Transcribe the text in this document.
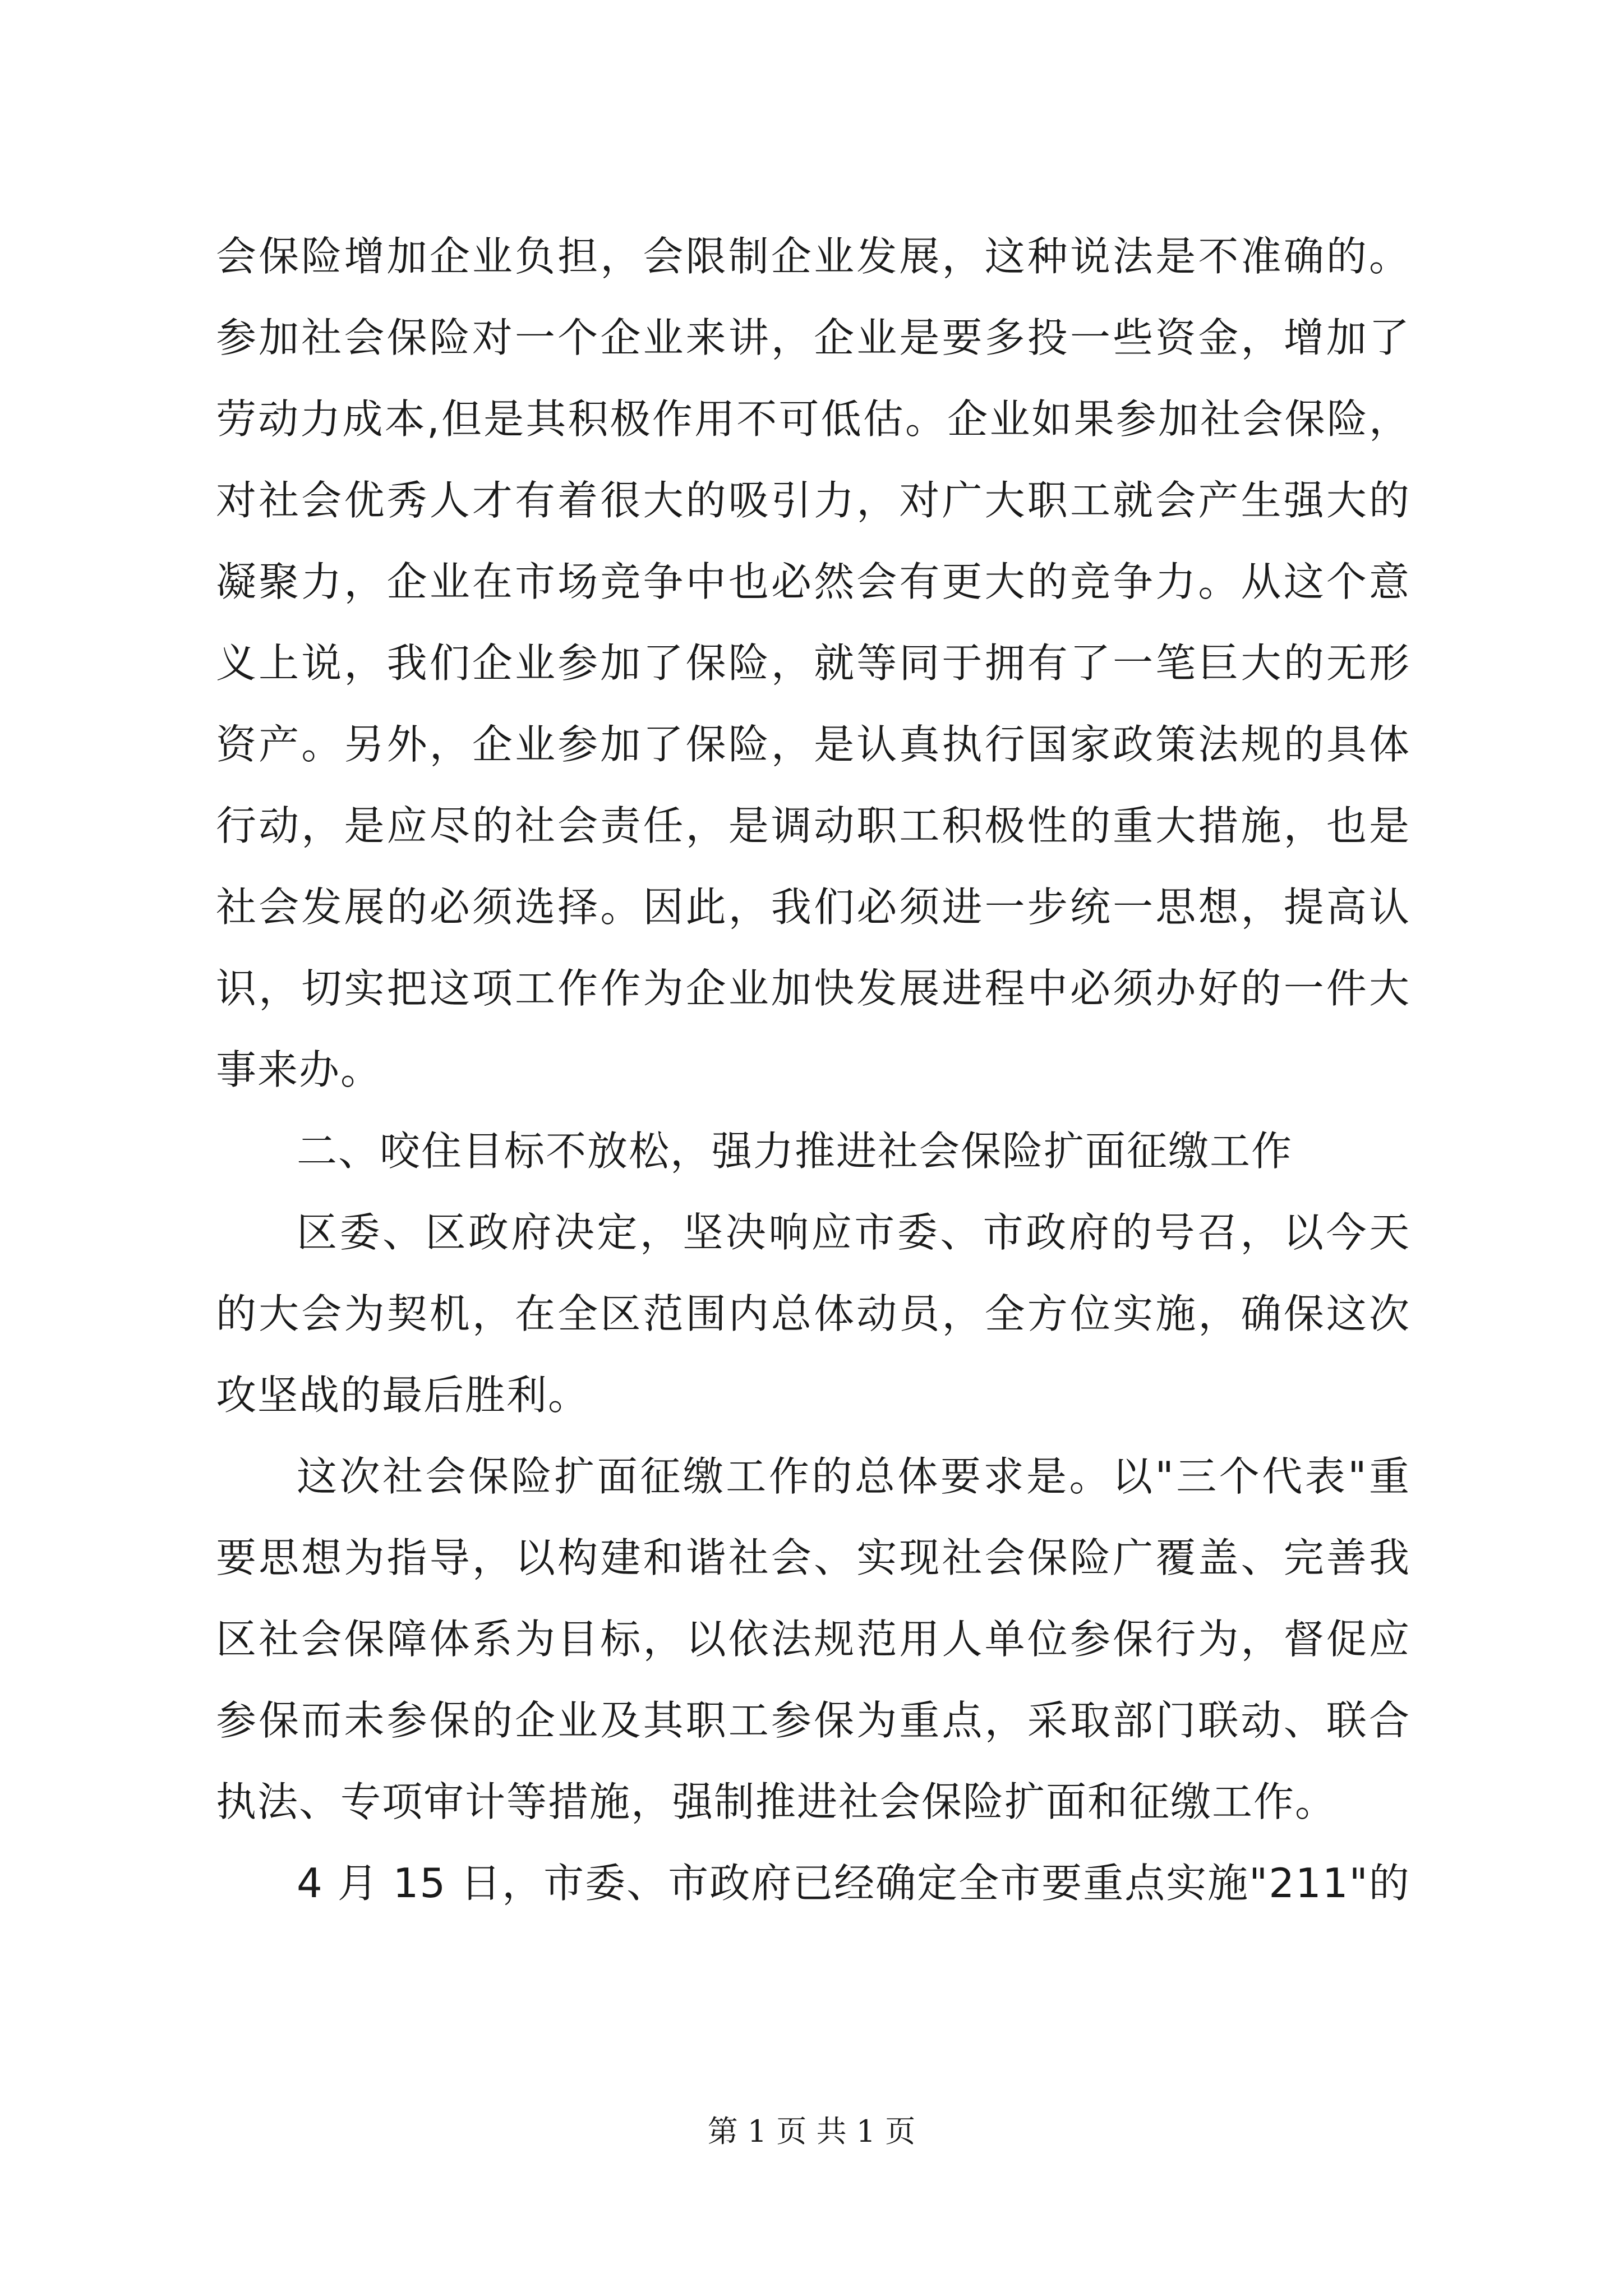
会保险增加企业负担，会限制企业发展，这种说法是不准确的。参加社会保险对一个企业来讲，企业是要多投一些资金，增加了劳动力成本,但是其积极作用不可低估。企业如果参加社会保险，对社会优秀人才有着很大的吸引力，对广大职工就会产生强大的凝聚力，企业在市场竞争中也必然会有更大的竞争力。从这个意义上说，我们企业参加了保险，就等同于拥有了一笔巨大的无形资产。另外，企业参加了保险，是认真执行国家政策法规的具体行动，是应尽的社会责任，是调动职工积极性的重大措施，也是社会发展的必须选择。因此，我们必须进一步统一思想，提高认识，切实把这项工作作为企业加快发展进程中必须办好的一件大事来办。

二、咬住目标不放松，强力推进社会保险扩面征缴工作

区委、区政府决定，坚决响应市委、市政府的号召，以今天的大会为契机，在全区范围内总体动员，全方位实施，确保这次攻坚战的最后胜利。

这次社会保险扩面征缴工作的总体要求是。以"三个代表"重要思想为指导，以构建和谐社会、实现社会保险广覆盖、完善我区社会保障体系为目标，以依法规范用人单位参保行为，督促应参保而未参保的企业及其职工参保为重点，采取部门联动、联合执法、专项审计等措施，强制推进社会保险扩面和征缴工作。

4 月 15 日，市委、市政府已经确定全市要重点实施"211"的

第 1 页 共 1 页
